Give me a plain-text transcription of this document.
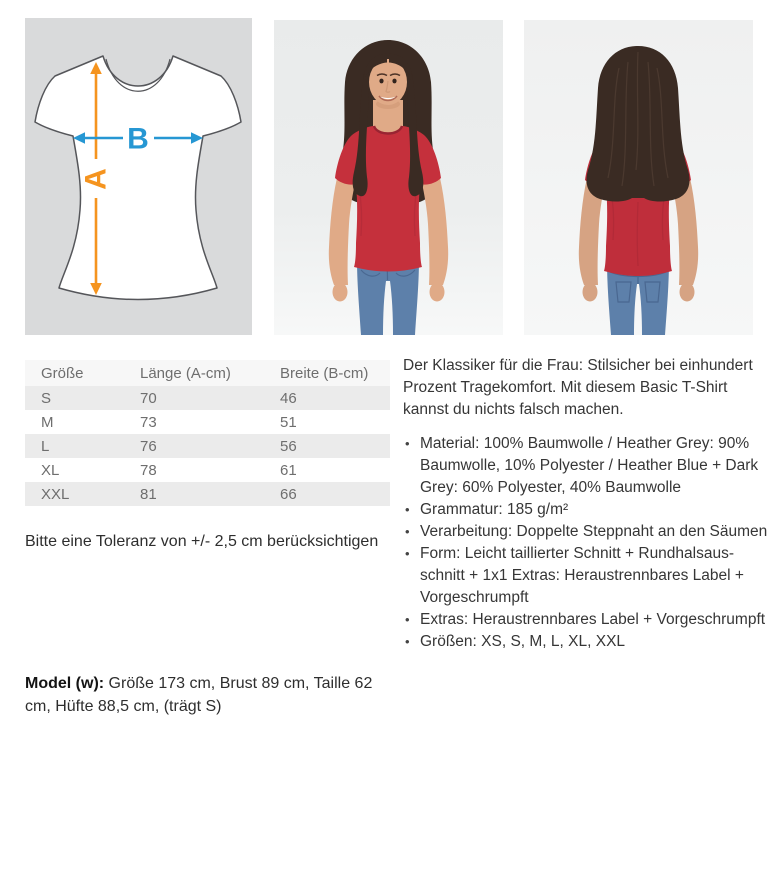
A
B
Größe	Länge (A-cm)	Breite (B-cm)
S	70	46
M	73	51
L	76	56
XL	78	61
XXL	81	66
Bitte eine Toleranz von +/- 2,5 cm berücksichtigen
Model (w): Größe 173 cm, Brust 89 cm, Taille 62 cm, Hüfte 88,5 cm, (trägt S)

Der Klassiker für die Frau: Stilsicher bei einhundert Prozent Tragekomfort. Mit diesem Basic T-Shirt kannst du nichts falsch machen.

• Material: 100% Baumwolle / Heather Grey: 90% Baumwolle, 10% Polyester / Heather Blue + Dark Grey: 60% Polyester, 40% Baumwolle
• Grammatur: 185 g/m²
• Verarbeitung: Doppelte Steppnaht an den Säumen
• Form: Leicht taillierter Schnitt + Rundhalsausschnitt + 1x1 Extras: Heraustrennbares Label + Vorgeschrumpft
• Extras: Heraustrennbares Label + Vorgeschrumpft
• Größen: XS, S, M, L, XL, XXL
